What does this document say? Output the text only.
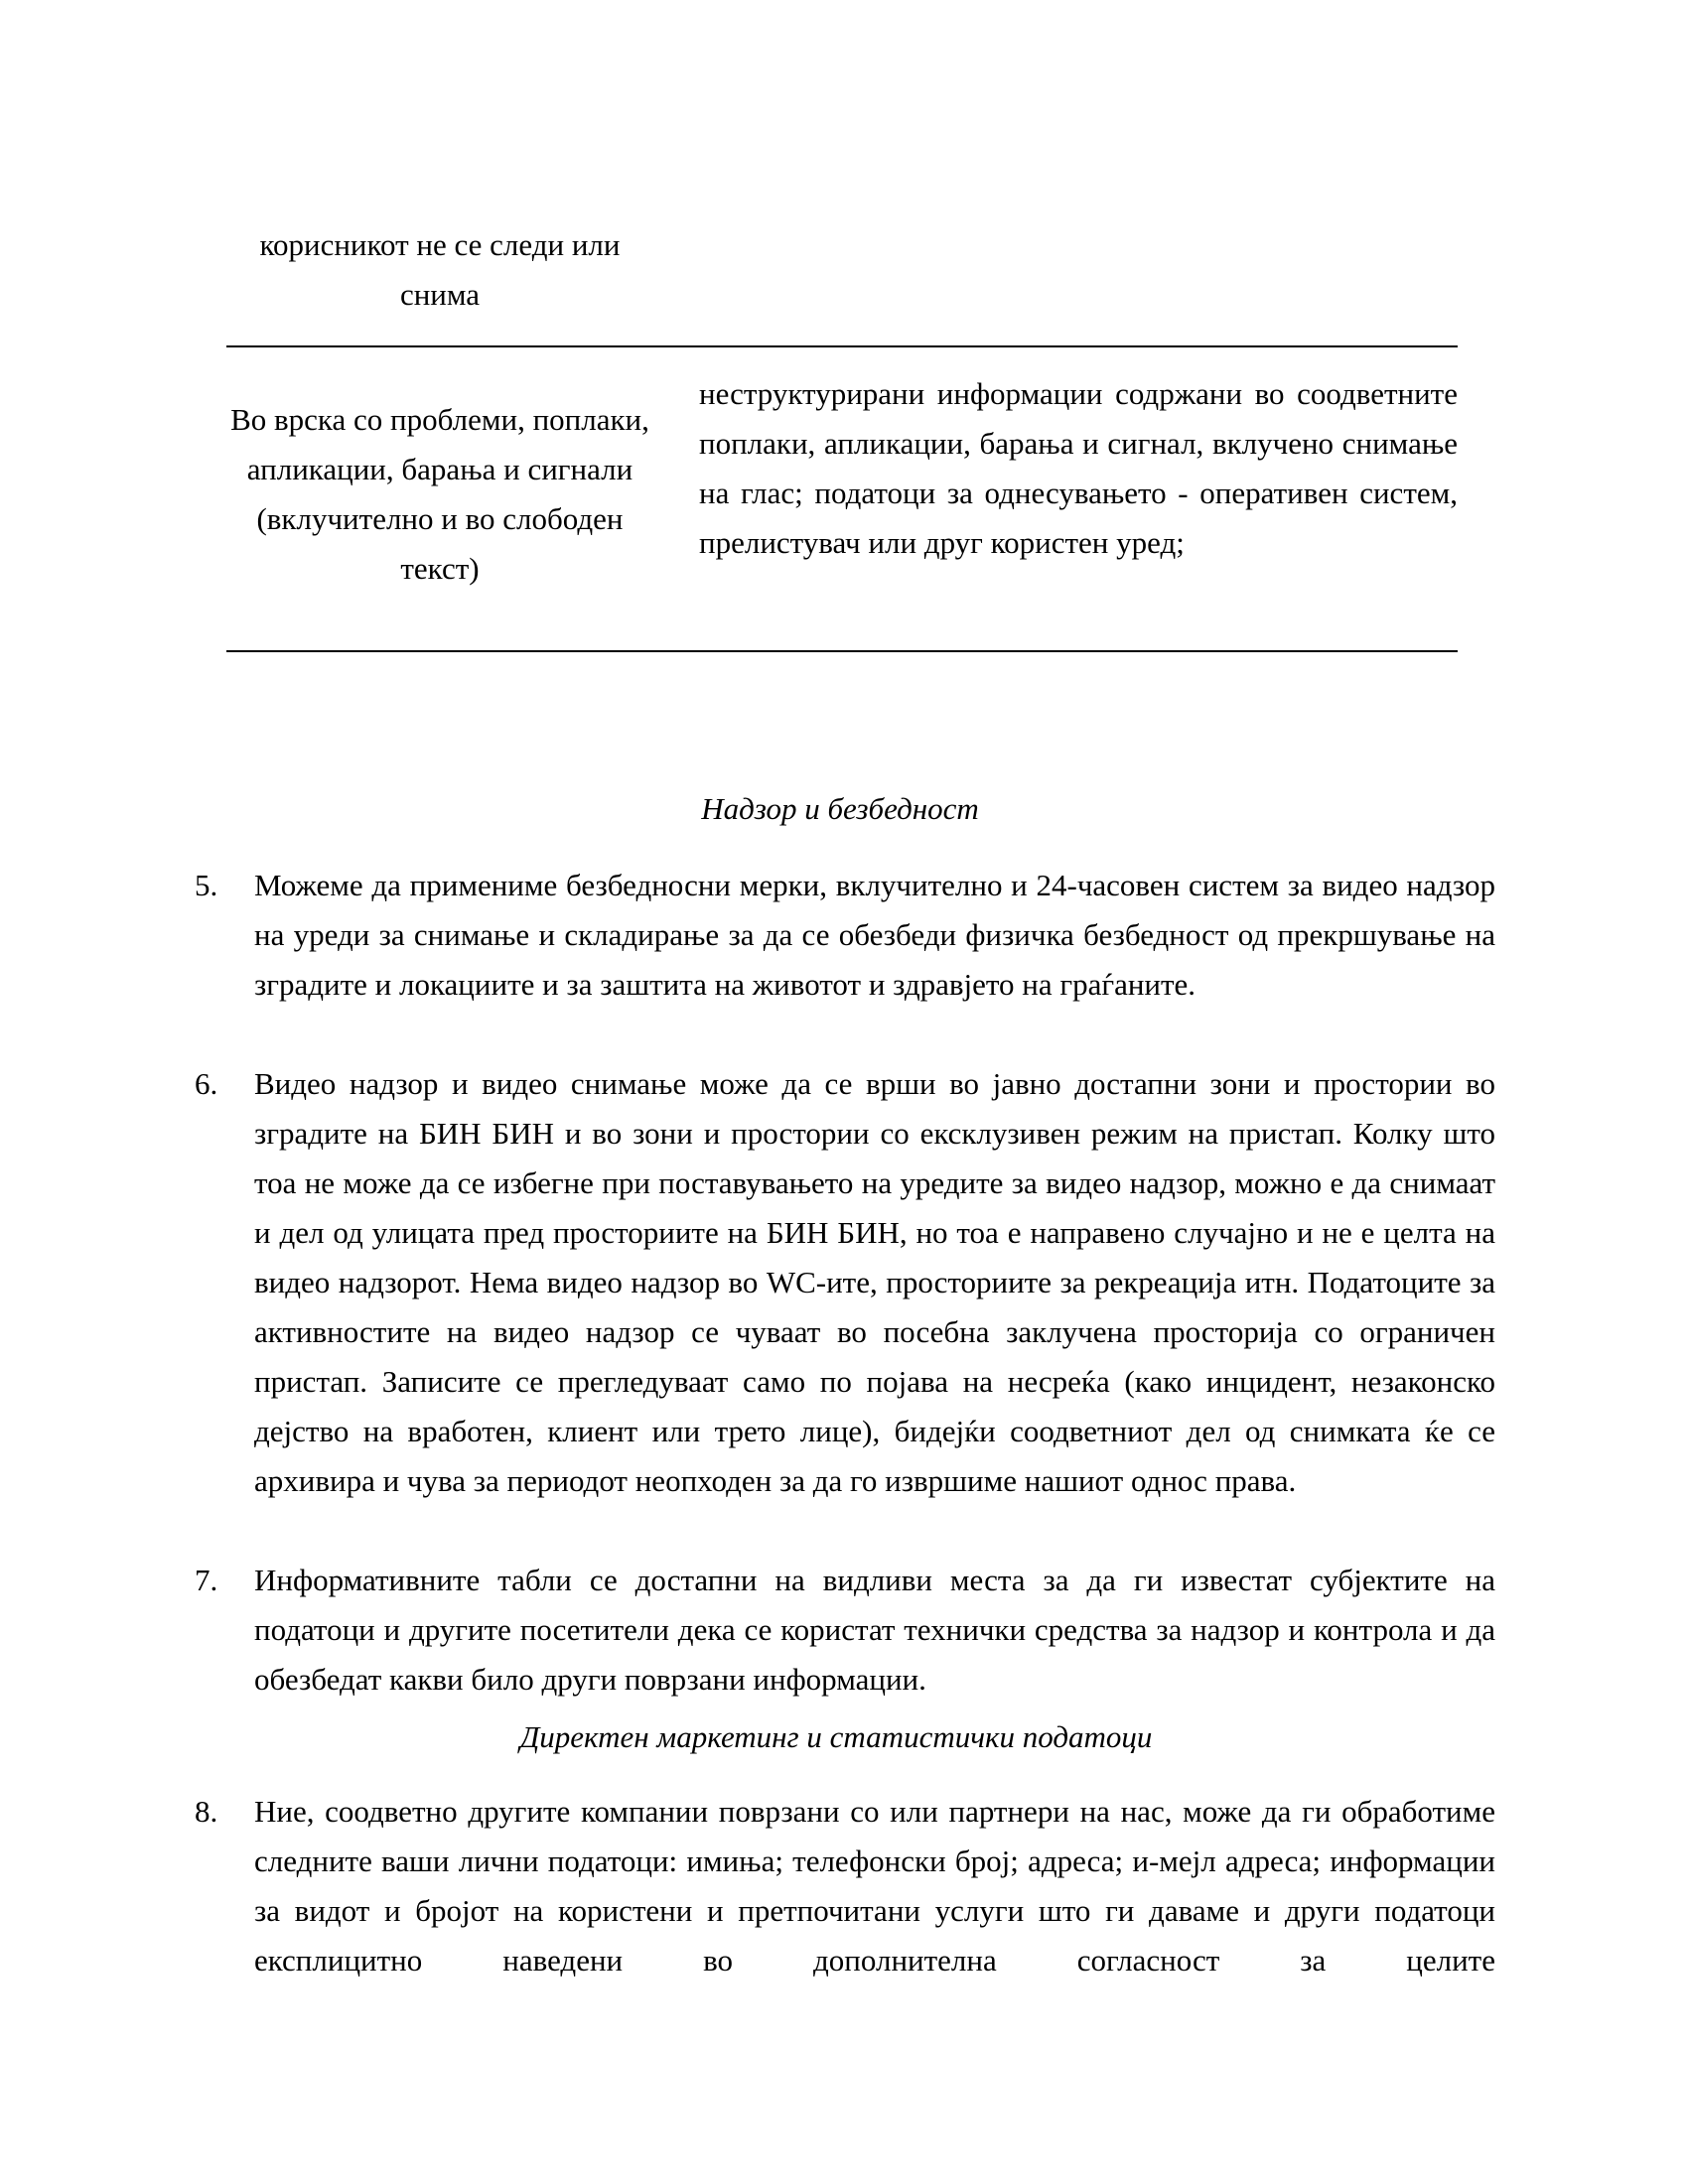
корисникот не се следи или снима
Во врска со проблеми, поплаки, апликации, барања и сигнали (вклучително и во слободен текст)
неструктурирани информации содржани во соодветните поплаки, апликации, барања и сигнал, вклучено снимање на глас; податоци за однесувањето - оперативен систем, прелистувач или друг користен уред;
Надзор и безбедност
5. Можеме да примениме безбедносни мерки, вклучително и 24-часовен систем за видео надзор на уреди за снимање и складирање за да се обезбеди физичка безбедност од прекршување на зградите и локациите и за заштита на животот и здравјето на граѓаните.
6. Видео надзор и видео снимање може да се врши во јавно достапни зони и простории во зградите на БИН БИН и во зони и простории со ексклузивен режим на пристап. Колку што тоа не може да се избегне при поставувањето на уредите за видео надзор, можно е да снимаат и дел од улицата пред просториите на БИН БИН, но тоа е направено случајно и не е целта на видео надзорот. Нема видео надзор во WC-ите, просториите за рекреација итн. Податоците за активностите на видео надзор се чуваат во посебна заклучена просторија со ограничен пристап. Записите се прегледуваат само по појава на несреќа (како инцидент, незаконско дејство на вработен, клиент или трето лице), бидејќи соодветниот дел од снимката ќе се архивира и чува за периодот неопходен за да го извршиме нашиот однос права.
7. Информативните табли се достапни на видливи места за да ги известат субјектите на податоци и другите посетители дека се користат технички средства за надзор и контрола и да обезбедат какви било други поврзани информации.
Директен маркетинг и статистички податоци
8. Ние, соодветно другите компании поврзани со или партнери на нас, може да ги обработиме следните ваши лични податоци: имиња; телефонски број; адреса; и-мејл адреса; информации за видот и бројот на користени и претпочитани услуги што ги даваме и други податоци експлицитно наведени во дополнителна согласност за целите
